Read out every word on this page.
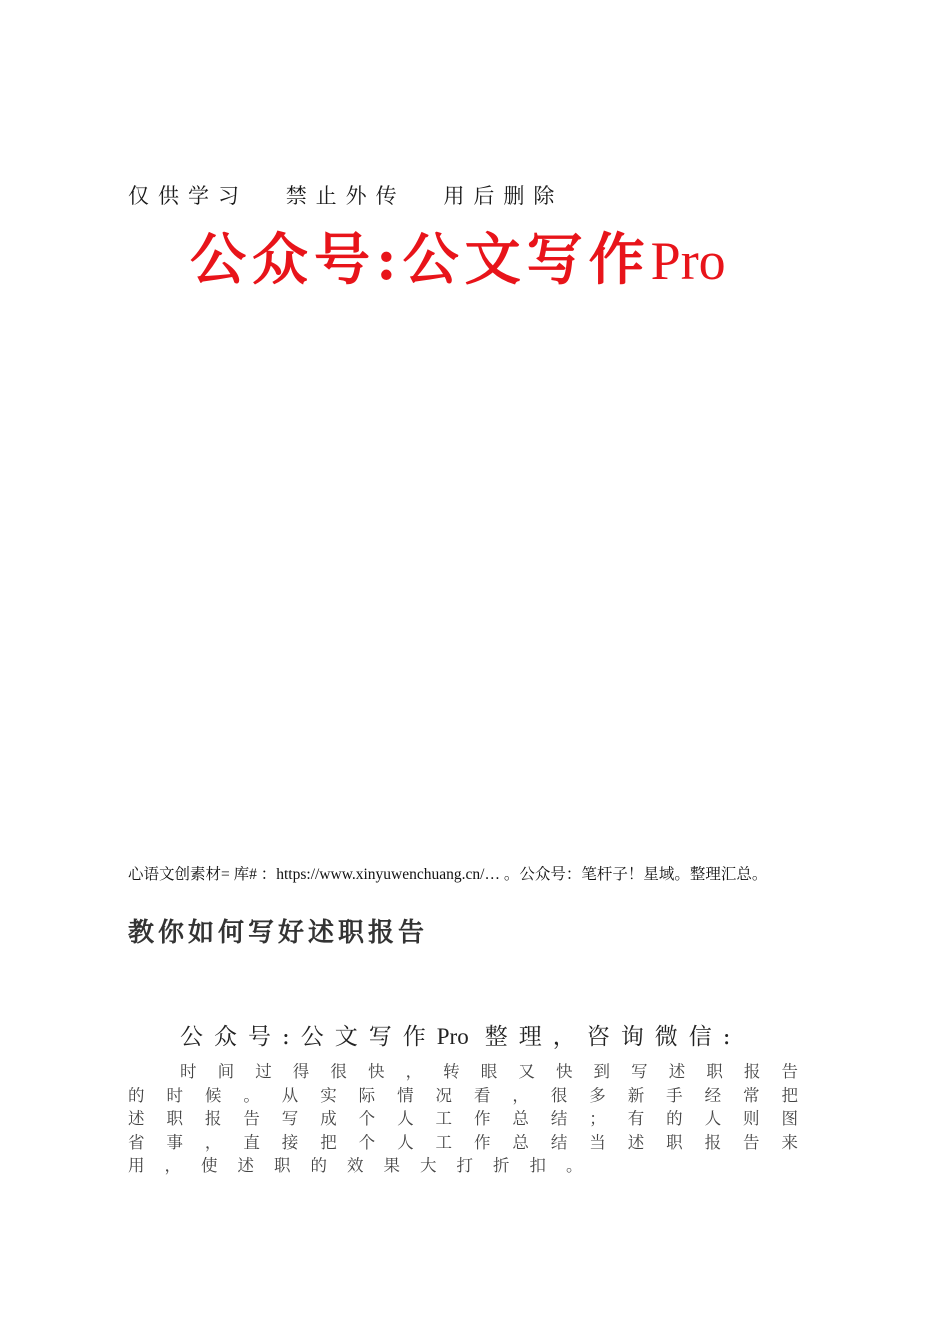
仅供学习 禁止外传 用后删除
公众号:公文写作Pro
心语文创素材= 库# ：https://www.xinyuwenchuang.cn/… 。公众号：笔杆子！星域。整理汇总。
教你如何写好述职报告
公众号:公文写作Pro 整理，咨询微信:
时间过得很快，转眼又快到写述职报告的时候。从实际情况看，很多新手经常把述职报告写成个人工作总结；有的人则图省事，直接把个人工作总结当述职报告来用，使述职的效果大打折扣。
